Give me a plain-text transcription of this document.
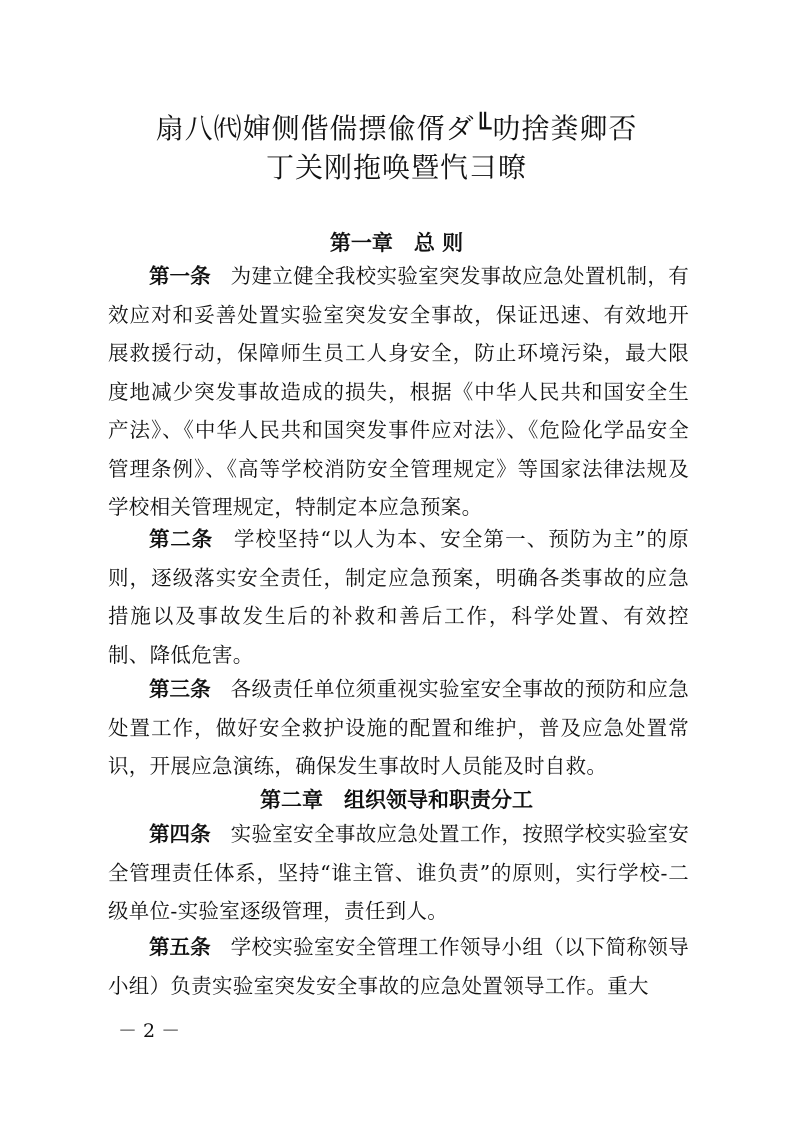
扇八㈹婶侧偕偳摽偸偦ダ╙叻捨粪卿否
丁关刚拖唤暨忾彐暸
第一章　总 则

第一条 为建立健全我校实验室突发事故应急处置机制，有效应对和妥善处置实验室突发安全事故，保证迅速、有效地开展救援行动，保障师生员工人身安全，防止环境污染，最大限度地减少突发事故造成的损失，根据《中华人民共和国安全生产法》、《中华人民共和国突发事件应对法》、《危险化学品安全管理条例》、《高等学校消防安全管理规定》等国家法律法规及学校相关管理规定，特制定本应急预案。

第二条 学校坚持“以人为本、安全第一、预防为主”的原则，逐级落实安全责任，制定应急预案，明确各类事故的应急措施以及事故发生后的补救和善后工作，科学处置、有效控制、降低危害。

第三条 各级责任单位须重视实验室安全事故的预防和应急处置工作，做好安全救护设施的配置和维护，普及应急处置常识，开展应急演练，确保发生事故时人员能及时自救。

第二章　组织领导和职责分工

第四条 实验室安全事故应急处置工作，按照学校实验室安全管理责任体系，坚持“谁主管、谁负责”的原则，实行学校-二级单位-实验室逐级管理，责任到人。

第五条 学校实验室安全管理工作领导小组（以下简称领导小组）负责实验室突发安全事故的应急处置领导工作。重大

－ 2 －
